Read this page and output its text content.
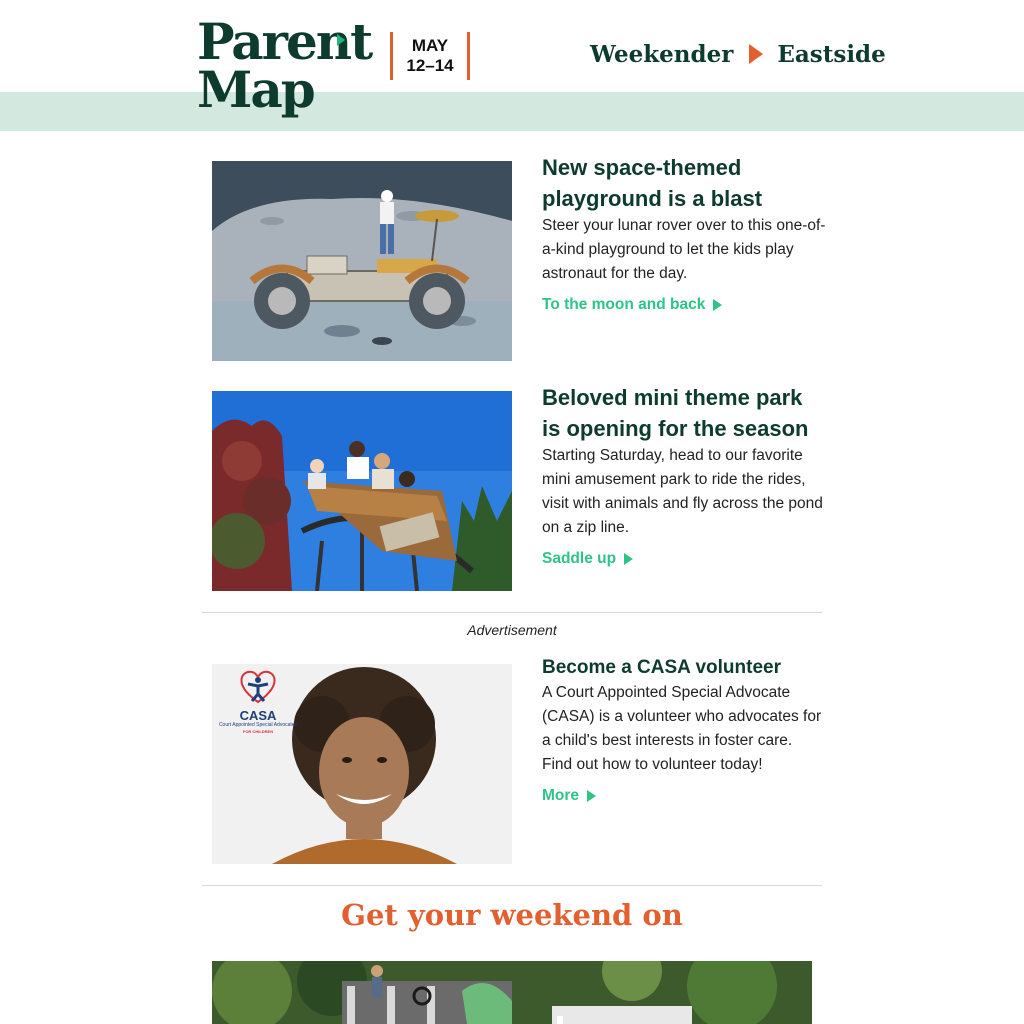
Parent
Map
MAY
12–14	Weekender Eastside
New space-themed playground is a blast

Steer your lunar rover over to this one-of-a-kind playground to let the kids play astronaut for the day.

To the moon and back
Beloved mini theme park is opening for the season

Starting Saturday, head to our favorite mini amusement park to ride the rides, visit with animals and fly across the pond on a zip line.

Saddle up
Advertisement
CASA
Court Appointed Special Advocates
FOR CHILDREN
Become a CASA volunteer

A Court Appointed Special Advocate (CASA) is a volunteer who advocates for a child's best interests in foster care. Find out how to volunteer today!

More
Get your weekend on
